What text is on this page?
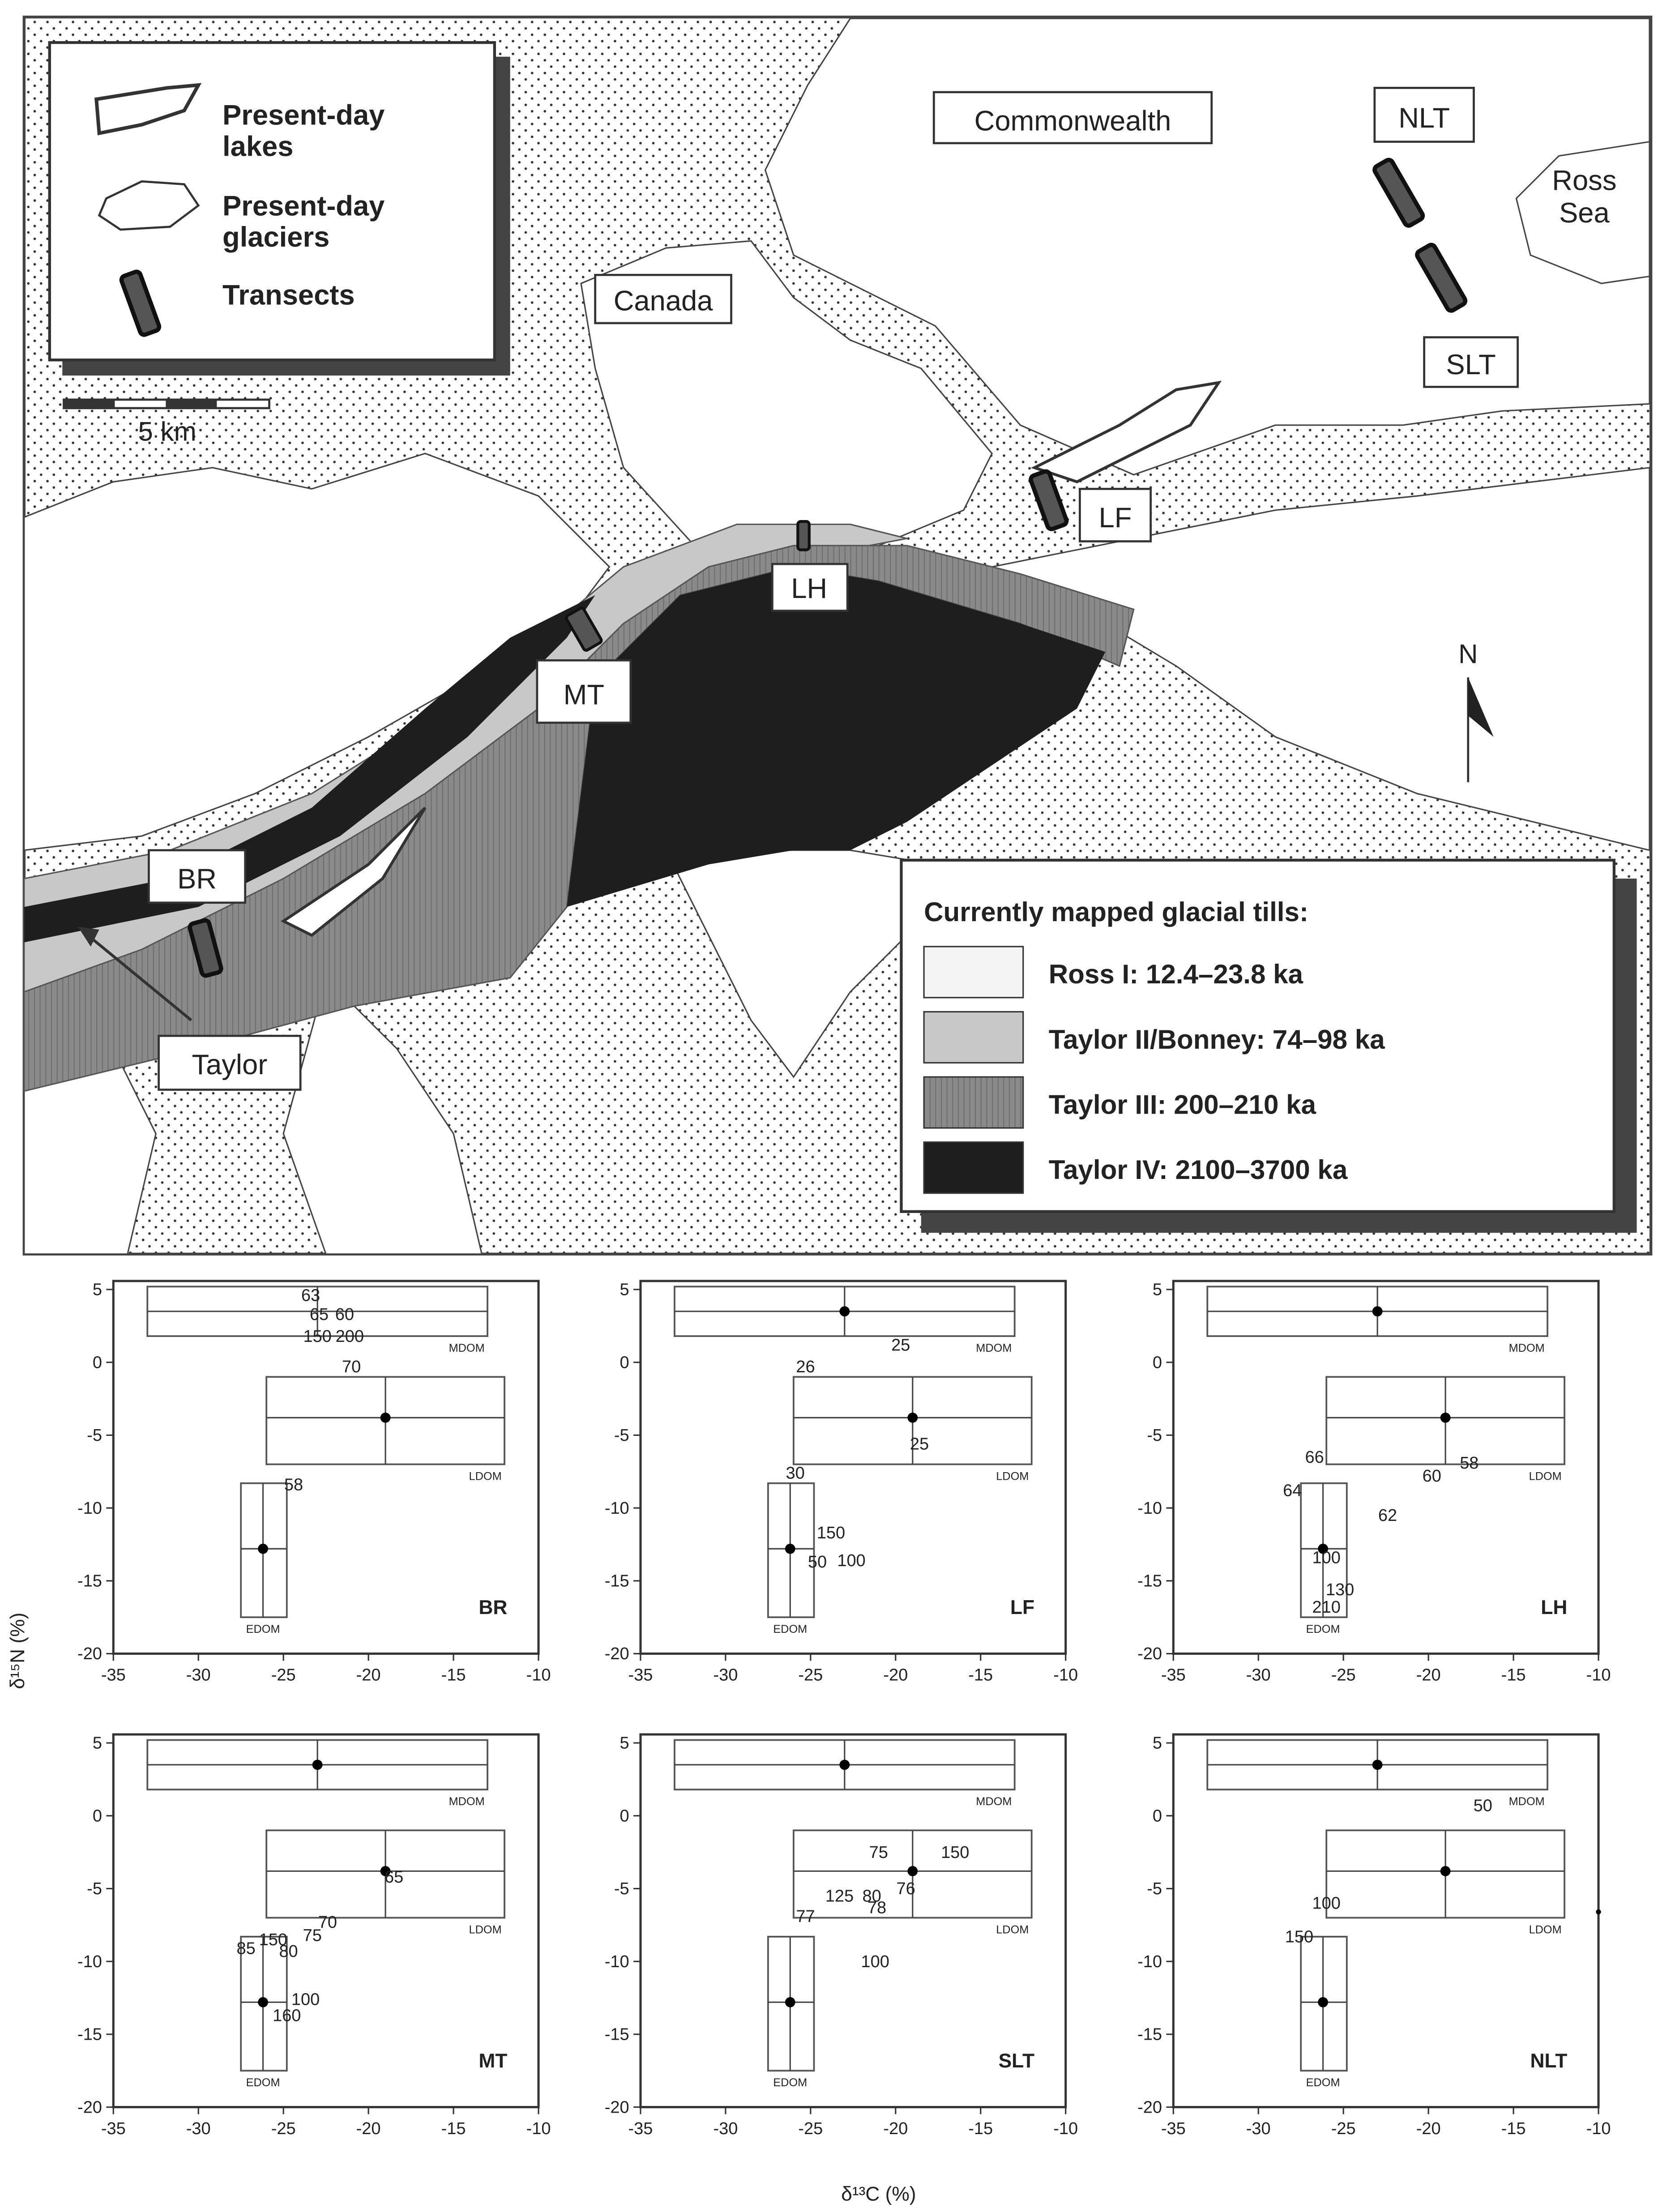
Commonwealth	NLT
Ross
Sea
Canada
SLT
LF
LH
MT
BR
Taylor
N
Present-day
lakes
Present-day
glaciers
Transects
5 km
Currently mapped glacial tills:
Ross I: 12.4–23.8 ka
Taylor II/Bonney: 74–98 ka
Taylor III: 200–210 ka
Taylor IV: 2100–3700 ka
-35	-30	-25	-20	-15	-10
5
0
-5
-10
-15
-20
MDOM
LDOM
EDOM
63
65 60
150 200
70
58
BR
-35	-30	-25	-20	-15	-10
5
0
-5
-10
-15
-20
MDOM
LDOM
EDOM
25
26
25
30
150
50 100
LF
-35	-30	-25	-20	-15	-10
5
0
-5
-10
-15
-20
MDOM
LDOM
EDOM
66	58
60
64
62
100
130
210	LH
-35	-30	-25	-20	-15	-10
5
0
-5
-10
-15
-20
MDOM
LDOM
EDOM
65
70
75
150
80
85
100
160
MT
-35	-30	-25	-20	-15	-10
5
0
-5
-10
-15
-20
MDOM
LDOM
EDOM
75	150
125 80	76
78
77
100
SLT
-35	-30	-25	-20	-15	-10
5
0
-5
-10
-15
-20
MDOM
LDOM
EDOM
50
100
150
NLT
δ¹³C (%)
δ¹⁵N (%)
